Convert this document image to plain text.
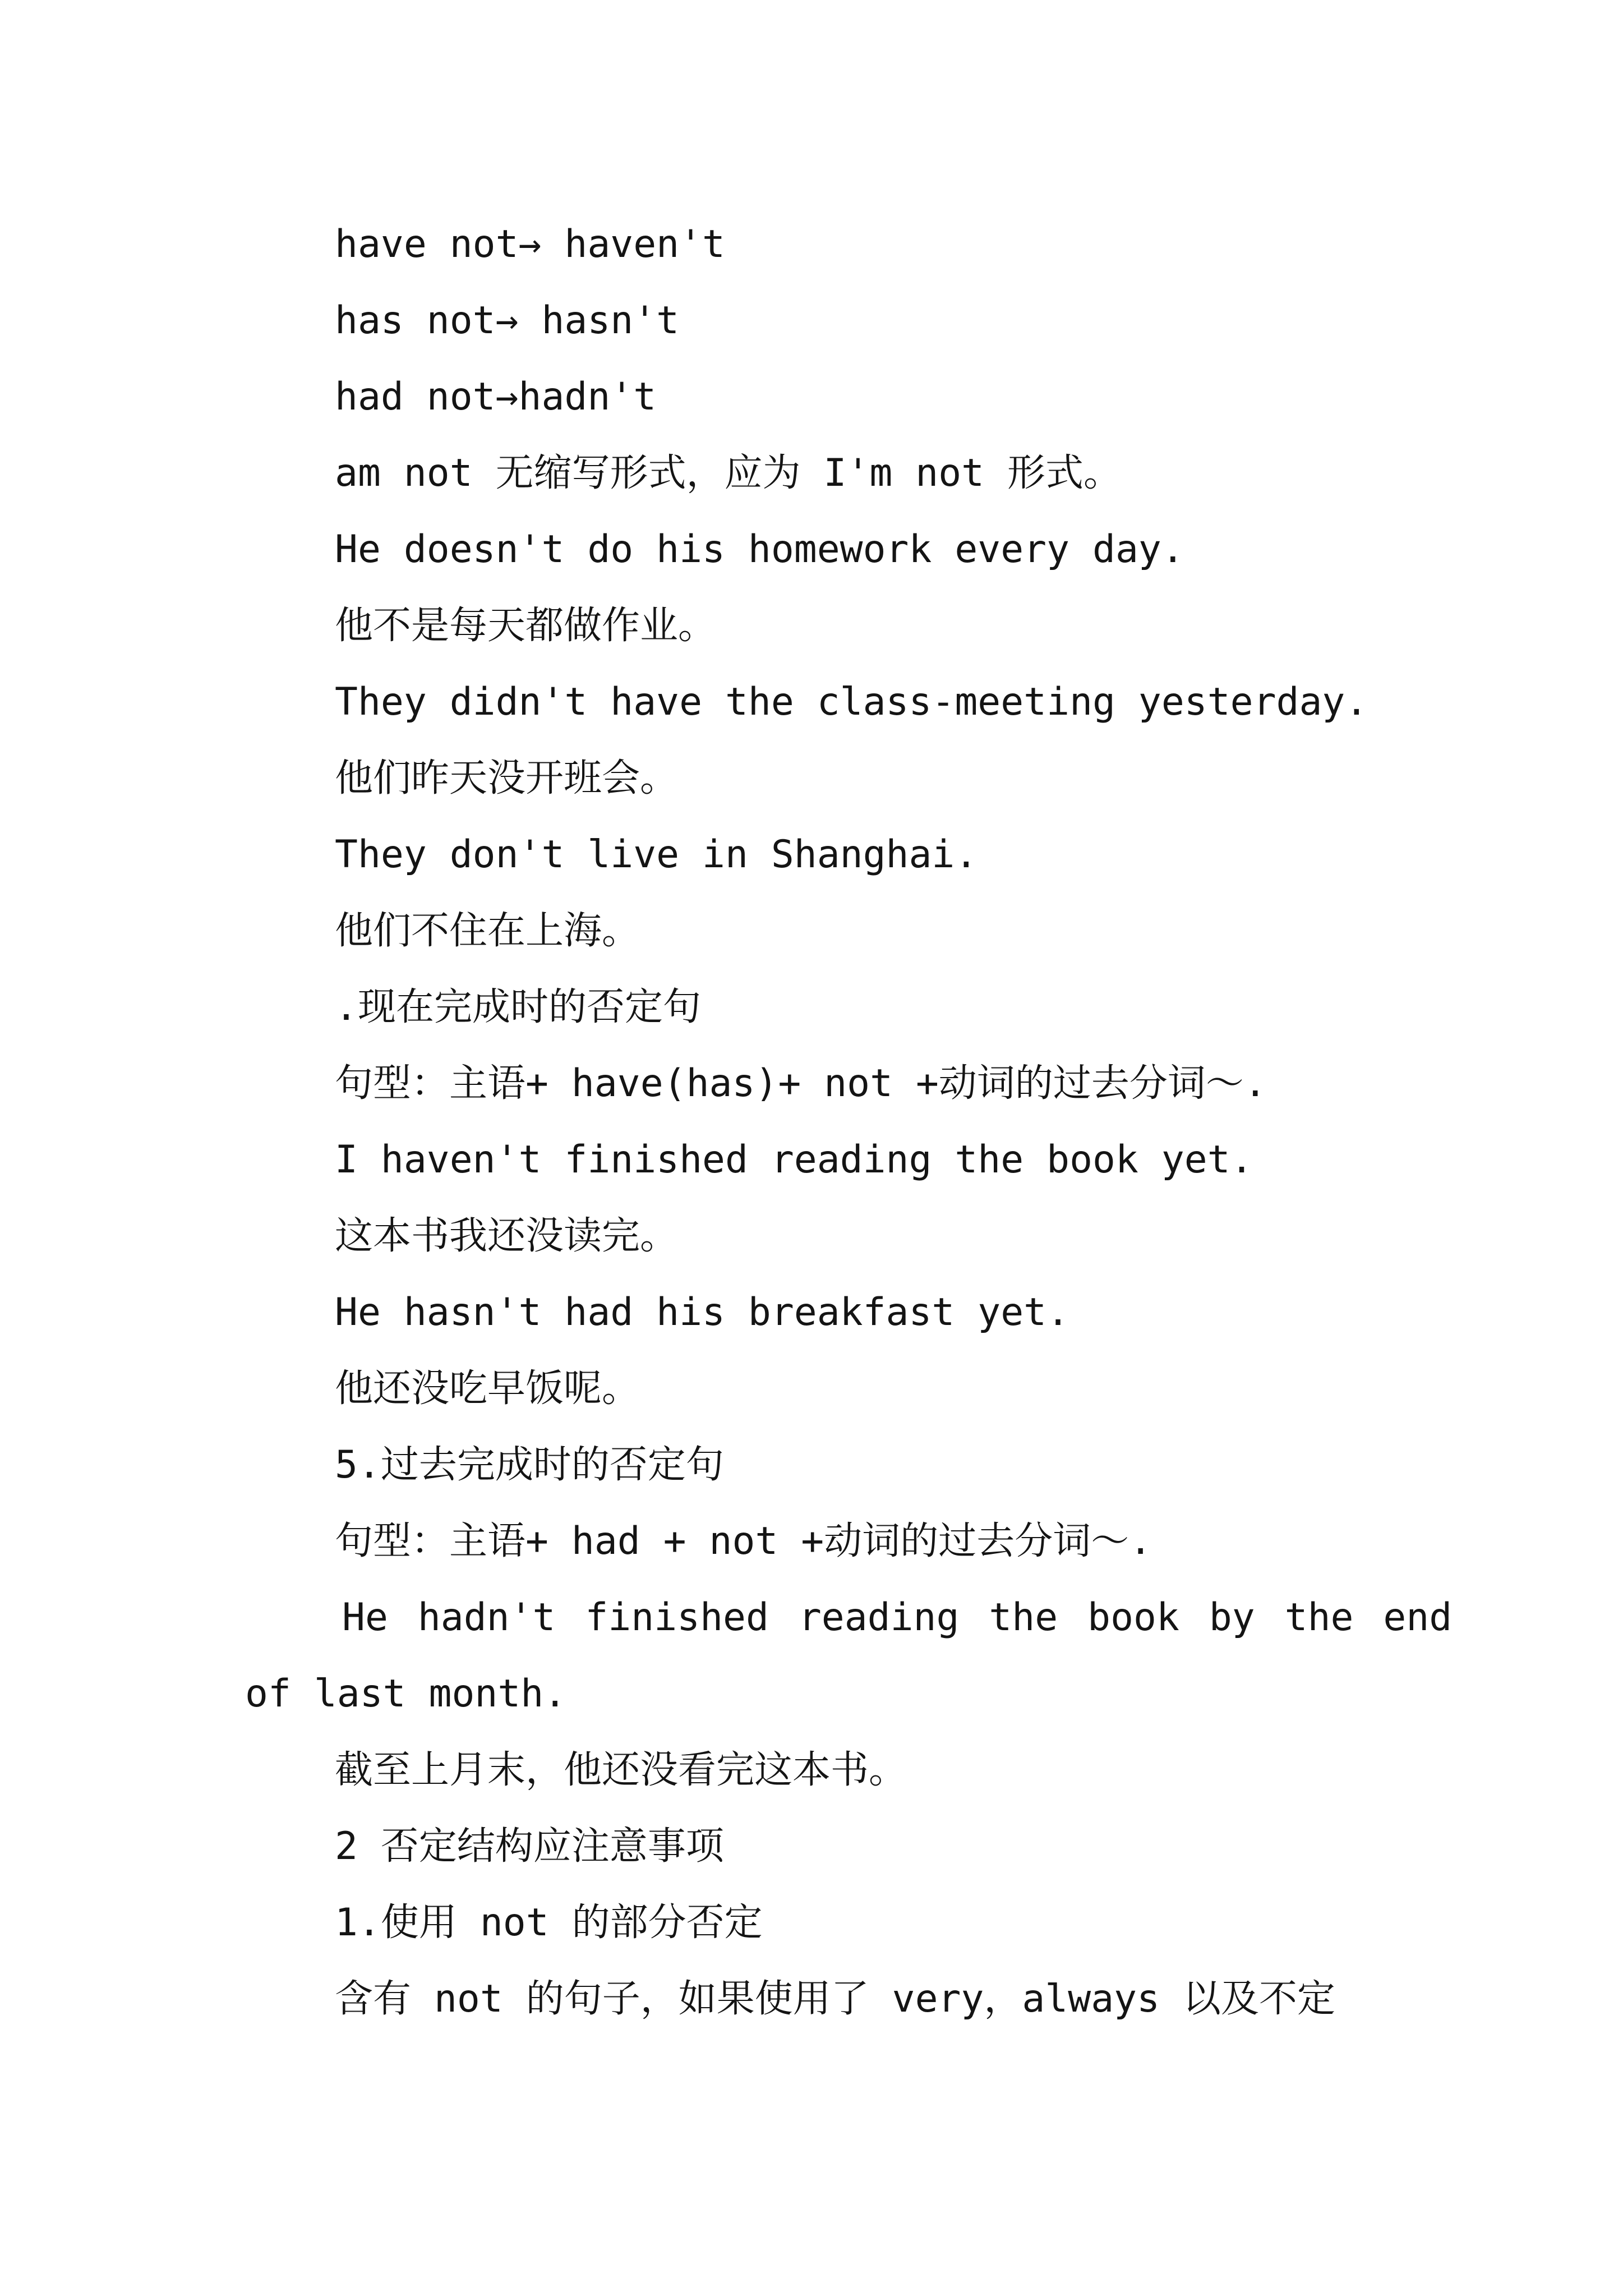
have not→ haven't
has not→ hasn't
had not→hadn't
am not 无缩写形式，应为 I'm not 形式。
He doesn't do his homework every day.
他不是每天都做作业。
They didn't have the class-meeting yesterday.
他们昨天没开班会。
They don't live in Shanghai.
他们不住在上海。
.现在完成时的否定句
句型：主语+ have(has)+ not +动词的过去分词～.
I haven't finished reading the book yet.
这本书我还没读完。
He hasn't had his breakfast yet.
他还没吃早饭呢。
5.过去完成时的否定句
句型：主语+ had + not +动词的过去分词～.
He hadn't finished reading the book by the end
of last month.
截至上月末，他还没看完这本书。
2 否定结构应注意事项
1.使用 not 的部分否定
含有 not 的句子，如果使用了 very，always 以及不定
